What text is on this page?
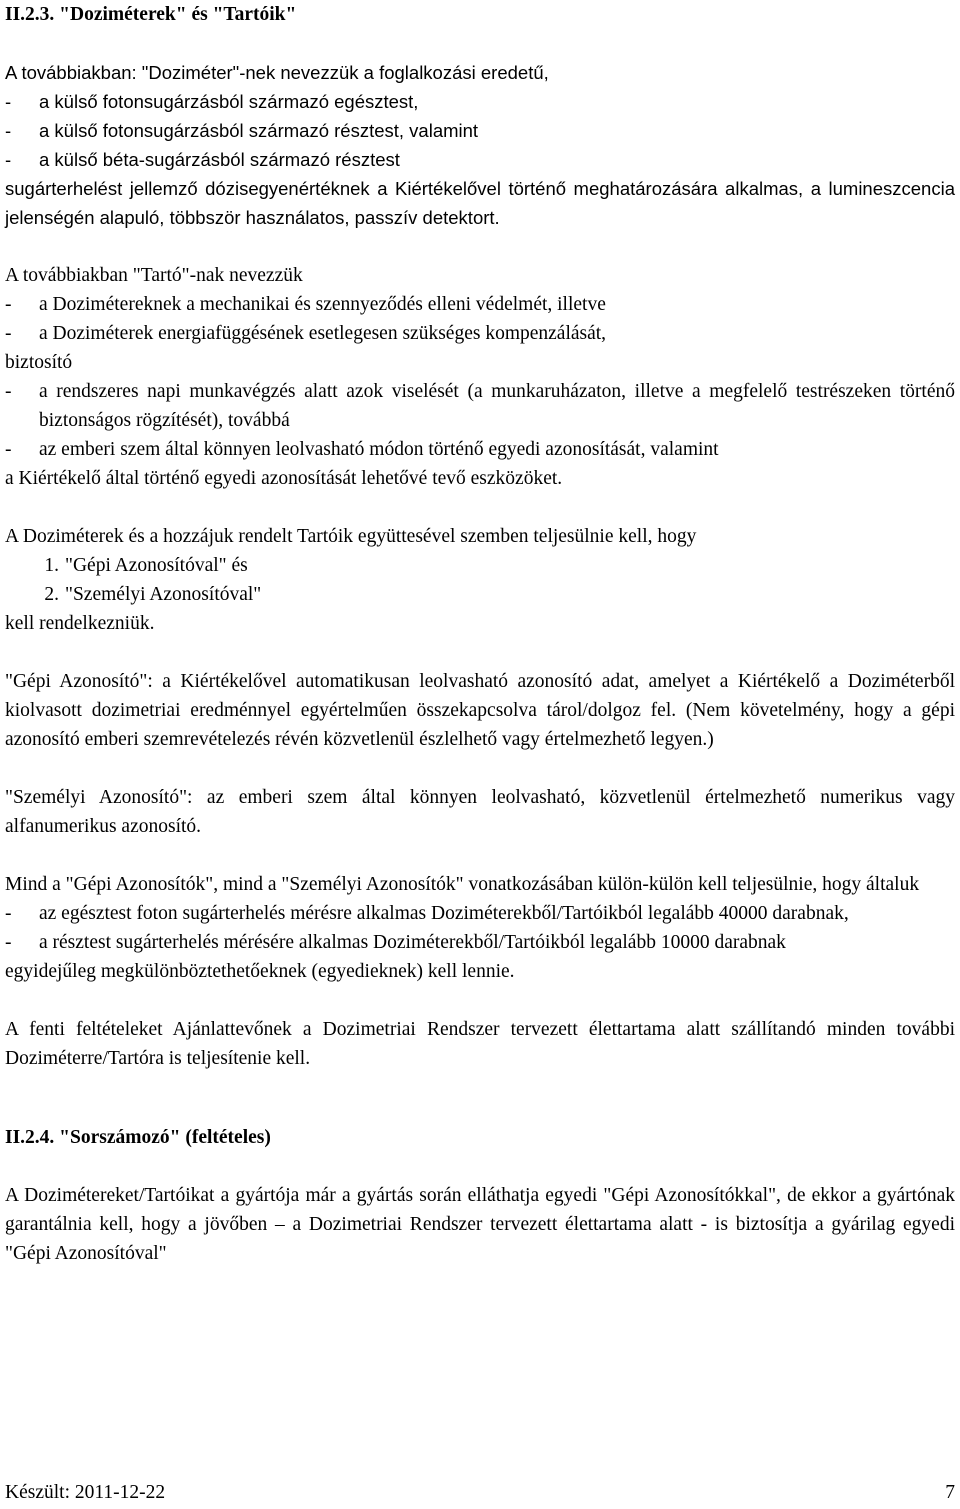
II.2.3. "Doziméterek" és "Tartóik"

A továbbiakban: "Doziméter"-nek nevezzük a foglalkozási eredetű,

-	a külső fotonsugárzásból származó egésztest,
-	a külső fotonsugárzásból származó résztest, valamint
-	a külső béta-sugárzásból származó résztest

sugárterhelést jellemző dózisegyenértéknek a Kiértékelővel történő meghatározására alkalmas, a lumineszcencia jelenségén alapuló, többször használatos, passzív detektort.

A továbbiakban "Tartó"-nak nevezzük

-	a Dozimétereknek a mechanikai és szennyeződés elleni védelmét, illetve
-	a Doziméterek energiafüggésének esetlegesen szükséges kompenzálását,

biztosító

-	a rendszeres napi munkavégzés alatt azok viselését (a munkaruházaton, illetve a megfelelő testrészeken történő biztonságos rögzítését), továbbá
-	az emberi szem által könnyen leolvasható módon történő egyedi azonosítását, valamint

a Kiértékelő által történő egyedi azonosítását lehetővé tevő eszközöket.

A Doziméterek és a hozzájuk rendelt Tartóik együttesével szemben teljesülnie kell, hogy

1. "Gépi Azonosítóval" és
2. "Személyi Azonosítóval"

kell rendelkezniük.

"Gépi Azonosító": a Kiértékelővel automatikusan leolvasható azonosító adat, amelyet a Kiértékelő a Doziméterből kiolvasott dozimetriai eredménnyel egyértelműen összekapcsolva tárol/dolgoz fel. (Nem követelmény, hogy a gépi azonosító emberi szemrevételezés révén közvetlenül észlelhető vagy értelmezhető legyen.)

"Személyi Azonosító": az emberi szem által könnyen leolvasható, közvetlenül értelmezhető numerikus vagy alfanumerikus azonosító.

Mind a "Gépi Azonosítók", mind a "Személyi Azonosítók" vonatkozásában külön-külön kell teljesülnie, hogy általuk

-	az egésztest foton sugárterhelés mérésre alkalmas Doziméterekből/Tartóikból legalább 40000 darabnak,
-	a résztest sugárterhelés mérésére alkalmas Doziméterekből/Tartóikból legalább 10000 darabnak

egyidejűleg megkülönböztethetőeknek (egyedieknek) kell lennie.

A fenti feltételeket Ajánlattevőnek a Dozimetriai Rendszer tervezett élettartama alatt szállítandó minden további Doziméterre/Tartóra is teljesítenie kell.

II.2.4. "Sorszámozó" (feltételes)

A Dozimétereket/Tartóikat a gyártója már a gyártás során elláthatja egyedi "Gépi Azonosítókkal", de ekkor a gyártónak garantálnia kell, hogy a jövőben – a Dozimetriai Rendszer tervezett élettartama alatt - is biztosítja a gyárilag egyedi "Gépi Azonosítóval"

Készült: 2011-12-22	7
